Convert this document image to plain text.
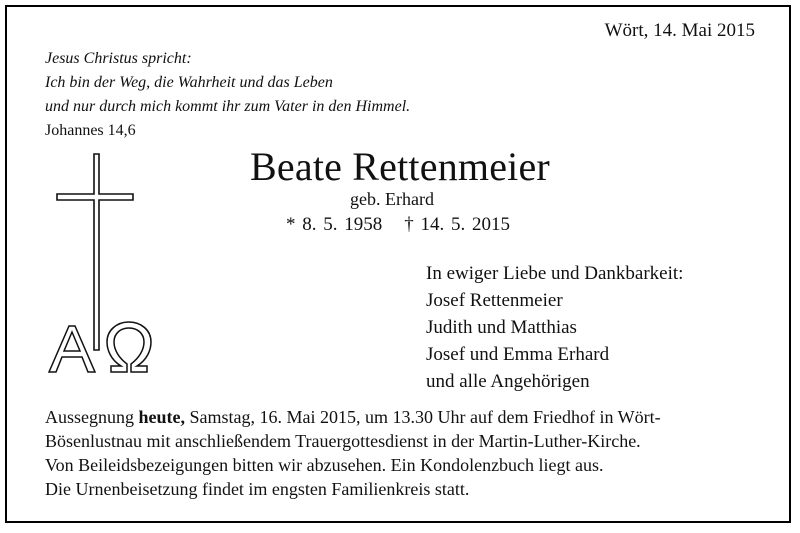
Wört, 14. Mai 2015
Jesus Christus spricht:
Ich bin der Weg, die Wahrheit und das Leben
und nur durch mich kommt ihr zum Vater in den Himmel.
Johannes 14,6
Beate Rettenmeier
geb. Erhard
* 8. 5. 1958 † 14. 5. 2015
In ewiger Liebe und Dankbarkeit:
Josef Rettenmeier
Judith und Matthias
Josef und Emma Erhard
und alle Angehörigen
Aussegnung heute, Samstag, 16. Mai 2015, um 13.30 Uhr auf dem Friedhof in Wört-
Bösenlustnau mit anschließendem Trauergottesdienst in der Martin-Luther-Kirche.
Von Beileidsbezeigungen bitten wir abzusehen. Ein Kondolenzbuch liegt aus.
Die Urnenbeisetzung findet im engsten Familienkreis statt.
